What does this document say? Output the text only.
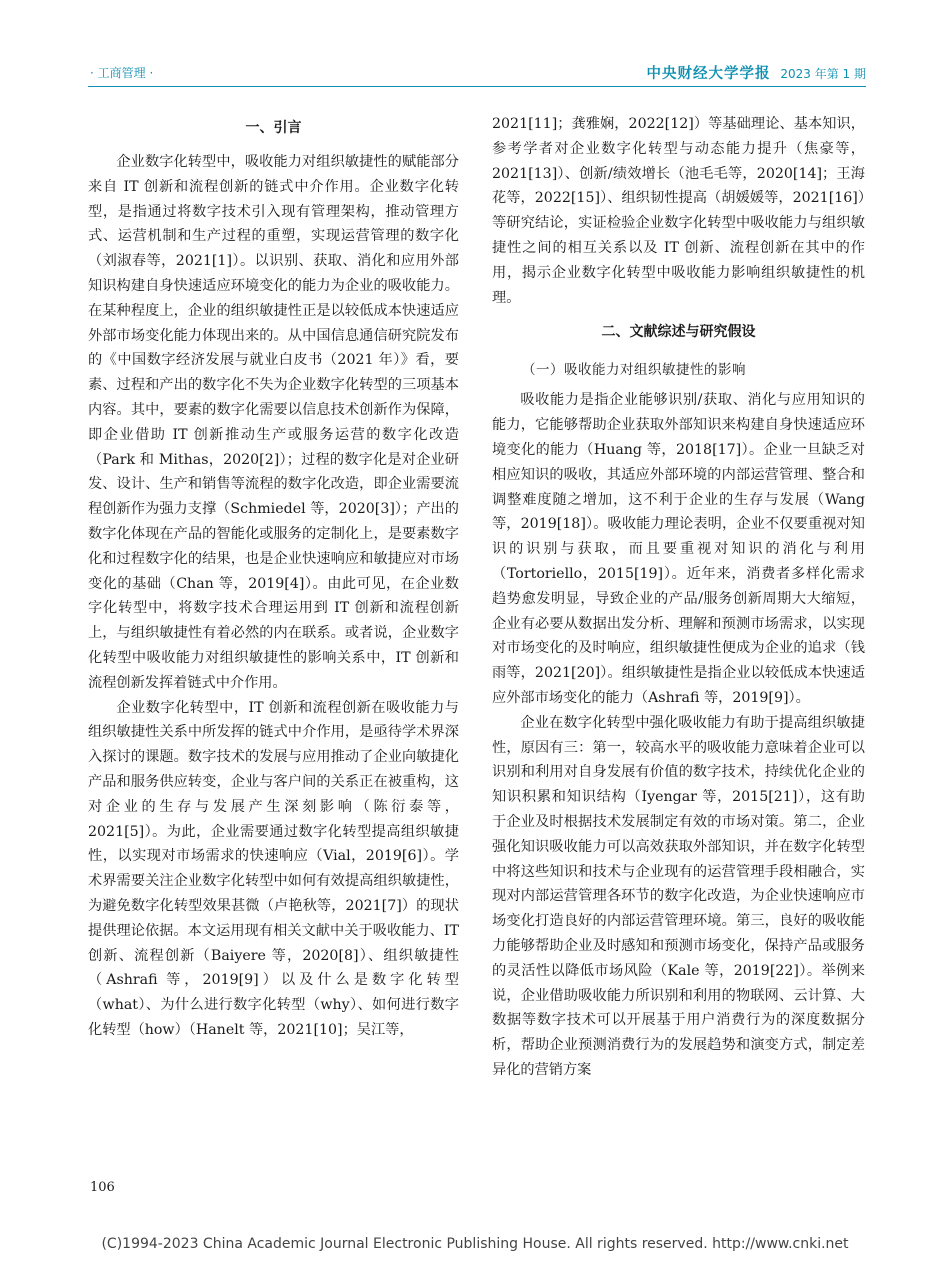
· 工商管理 ·	中央财经大学学报 2023 年第 1 期
一、引言

企业数字化转型中，吸收能力对组织敏捷性的赋能部分来自 IT 创新和流程创新的链式中介作用。企业数字化转型，是指通过将数字技术引入现有管理架构，推动管理方式、运营机制和生产过程的重塑，实现运营管理的数字化（刘淑春等，2021[1]）。以识别、获取、消化和应用外部知识构建自身快速适应环境变化的能力为企业的吸收能力。在某种程度上，企业的组织敏捷性正是以较低成本快速适应外部市场变化能力体现出来的。从中国信息通信研究院发布的《中国数字经济发展与就业白皮书（2021 年）》看，要素、过程和产出的数字化不失为企业数字化转型的三项基本内容。其中，要素的数字化需要以信息技术创新作为保障，即企业借助 IT 创新推动生产或服务运营的数字化改造（Park 和 Mithas，2020[2]）；过程的数字化是对企业研发、设计、生产和销售等流程的数字化改造，即企业需要流程创新作为强力支撑（Schmiedel 等，2020[3]）；产出的数字化体现在产品的智能化或服务的定制化上，是要素数字化和过程数字化的结果，也是企业快速响应和敏捷应对市场变化的基础（Chan 等，2019[4]）。由此可见，在企业数字化转型中，将数字技术合理运用到 IT 创新和流程创新上，与组织敏捷性有着必然的内在联系。或者说，企业数字化转型中吸收能力对组织敏捷性的影响关系中，IT 创新和流程创新发挥着链式中介作用。

企业数字化转型中，IT 创新和流程创新在吸收能力与组织敏捷性关系中所发挥的链式中介作用，是亟待学术界深入探讨的课题。数字技术的发展与应用推动了企业向敏捷化产品和服务供应转变，企业与客户间的关系正在被重构，这对企业的生存与发展产生深刻影响（陈衍泰等，2021[5]）。为此，企业需要通过数字化转型提高组织敏捷性，以实现对市场需求的快速响应（Vial，2019[6]）。学术界需要关注企业数字化转型中如何有效提高组织敏捷性，为避免数字化转型效果甚微（卢艳秋等，2021[7]）的现状提供理论依据。本文运用现有相关文献中关于吸收能力、IT 创新、流程创新（Baiyere 等，2020[8]）、组织敏捷性（Ashrafi 等，2019[9]）以及什么是数字化转型（what）、为什么进行数字化转型（why）、如何进行数字化转型（how）（Hanelt 等，2021[10]；吴江等，

2021[11]；龚雅娴，2022[12]）等基础理论、基本知识，参考学者对企业数字化转型与动态能力提升（焦豪等，2021[13]）、创新/绩效增长（池毛毛等，2020[14]；王海花等，2022[15]）、组织韧性提高（胡媛媛等，2021[16]）等研究结论，实证检验企业数字化转型中吸收能力与组织敏捷性之间的相互关系以及 IT 创新、流程创新在其中的作用，揭示企业数字化转型中吸收能力影响组织敏捷性的机理。

二、文献综述与研究假设
（一）吸收能力对组织敏捷性的影响

吸收能力是指企业能够识别/获取、消化与应用知识的能力，它能够帮助企业获取外部知识来构建自身快速适应环境变化的能力（Huang 等，2018[17]）。企业一旦缺乏对相应知识的吸收，其适应外部环境的内部运营管理、整合和调整难度随之增加，这不利于企业的生存与发展（Wang 等，2019[18]）。吸收能力理论表明，企业不仅要重视对知识的识别与获取，而且要重视对知识的消化与利用（Tortoriello，2015[19]）。近年来，消费者多样化需求趋势愈发明显，导致企业的产品/服务创新周期大大缩短，企业有必要从数据出发分析、理解和预测市场需求，以实现对市场变化的及时响应，组织敏捷性便成为企业的追求（钱雨等，2021[20]）。组织敏捷性是指企业以较低成本快速适应外部市场变化的能力（Ashrafi 等，2019[9]）。

企业在数字化转型中强化吸收能力有助于提高组织敏捷性，原因有三：第一，较高水平的吸收能力意味着企业可以识别和利用对自身发展有价值的数字技术，持续优化企业的知识积累和知识结构（Iyengar 等，2015[21]），这有助于企业及时根据技术发展制定有效的市场对策。第二，企业强化知识吸收能力可以高效获取外部知识，并在数字化转型中将这些知识和技术与企业现有的运营管理手段相融合，实现对内部运营管理各环节的数字化改造，为企业快速响应市场变化打造良好的内部运营管理环境。第三，良好的吸收能力能够帮助企业及时感知和预测市场变化，保持产品或服务的灵活性以降低市场风险（Kale 等，2019[22]）。举例来说，企业借助吸收能力所识别和利用的物联网、云计算、大数据等数字技术可以开展基于用户消费行为的深度数据分析，帮助企业预测消费行为的发展趋势和演变方式，制定差异化的营销方案

106
(C)1994-2023 China Academic Journal Electronic Publishing House. All rights reserved. http://www.cnki.net
